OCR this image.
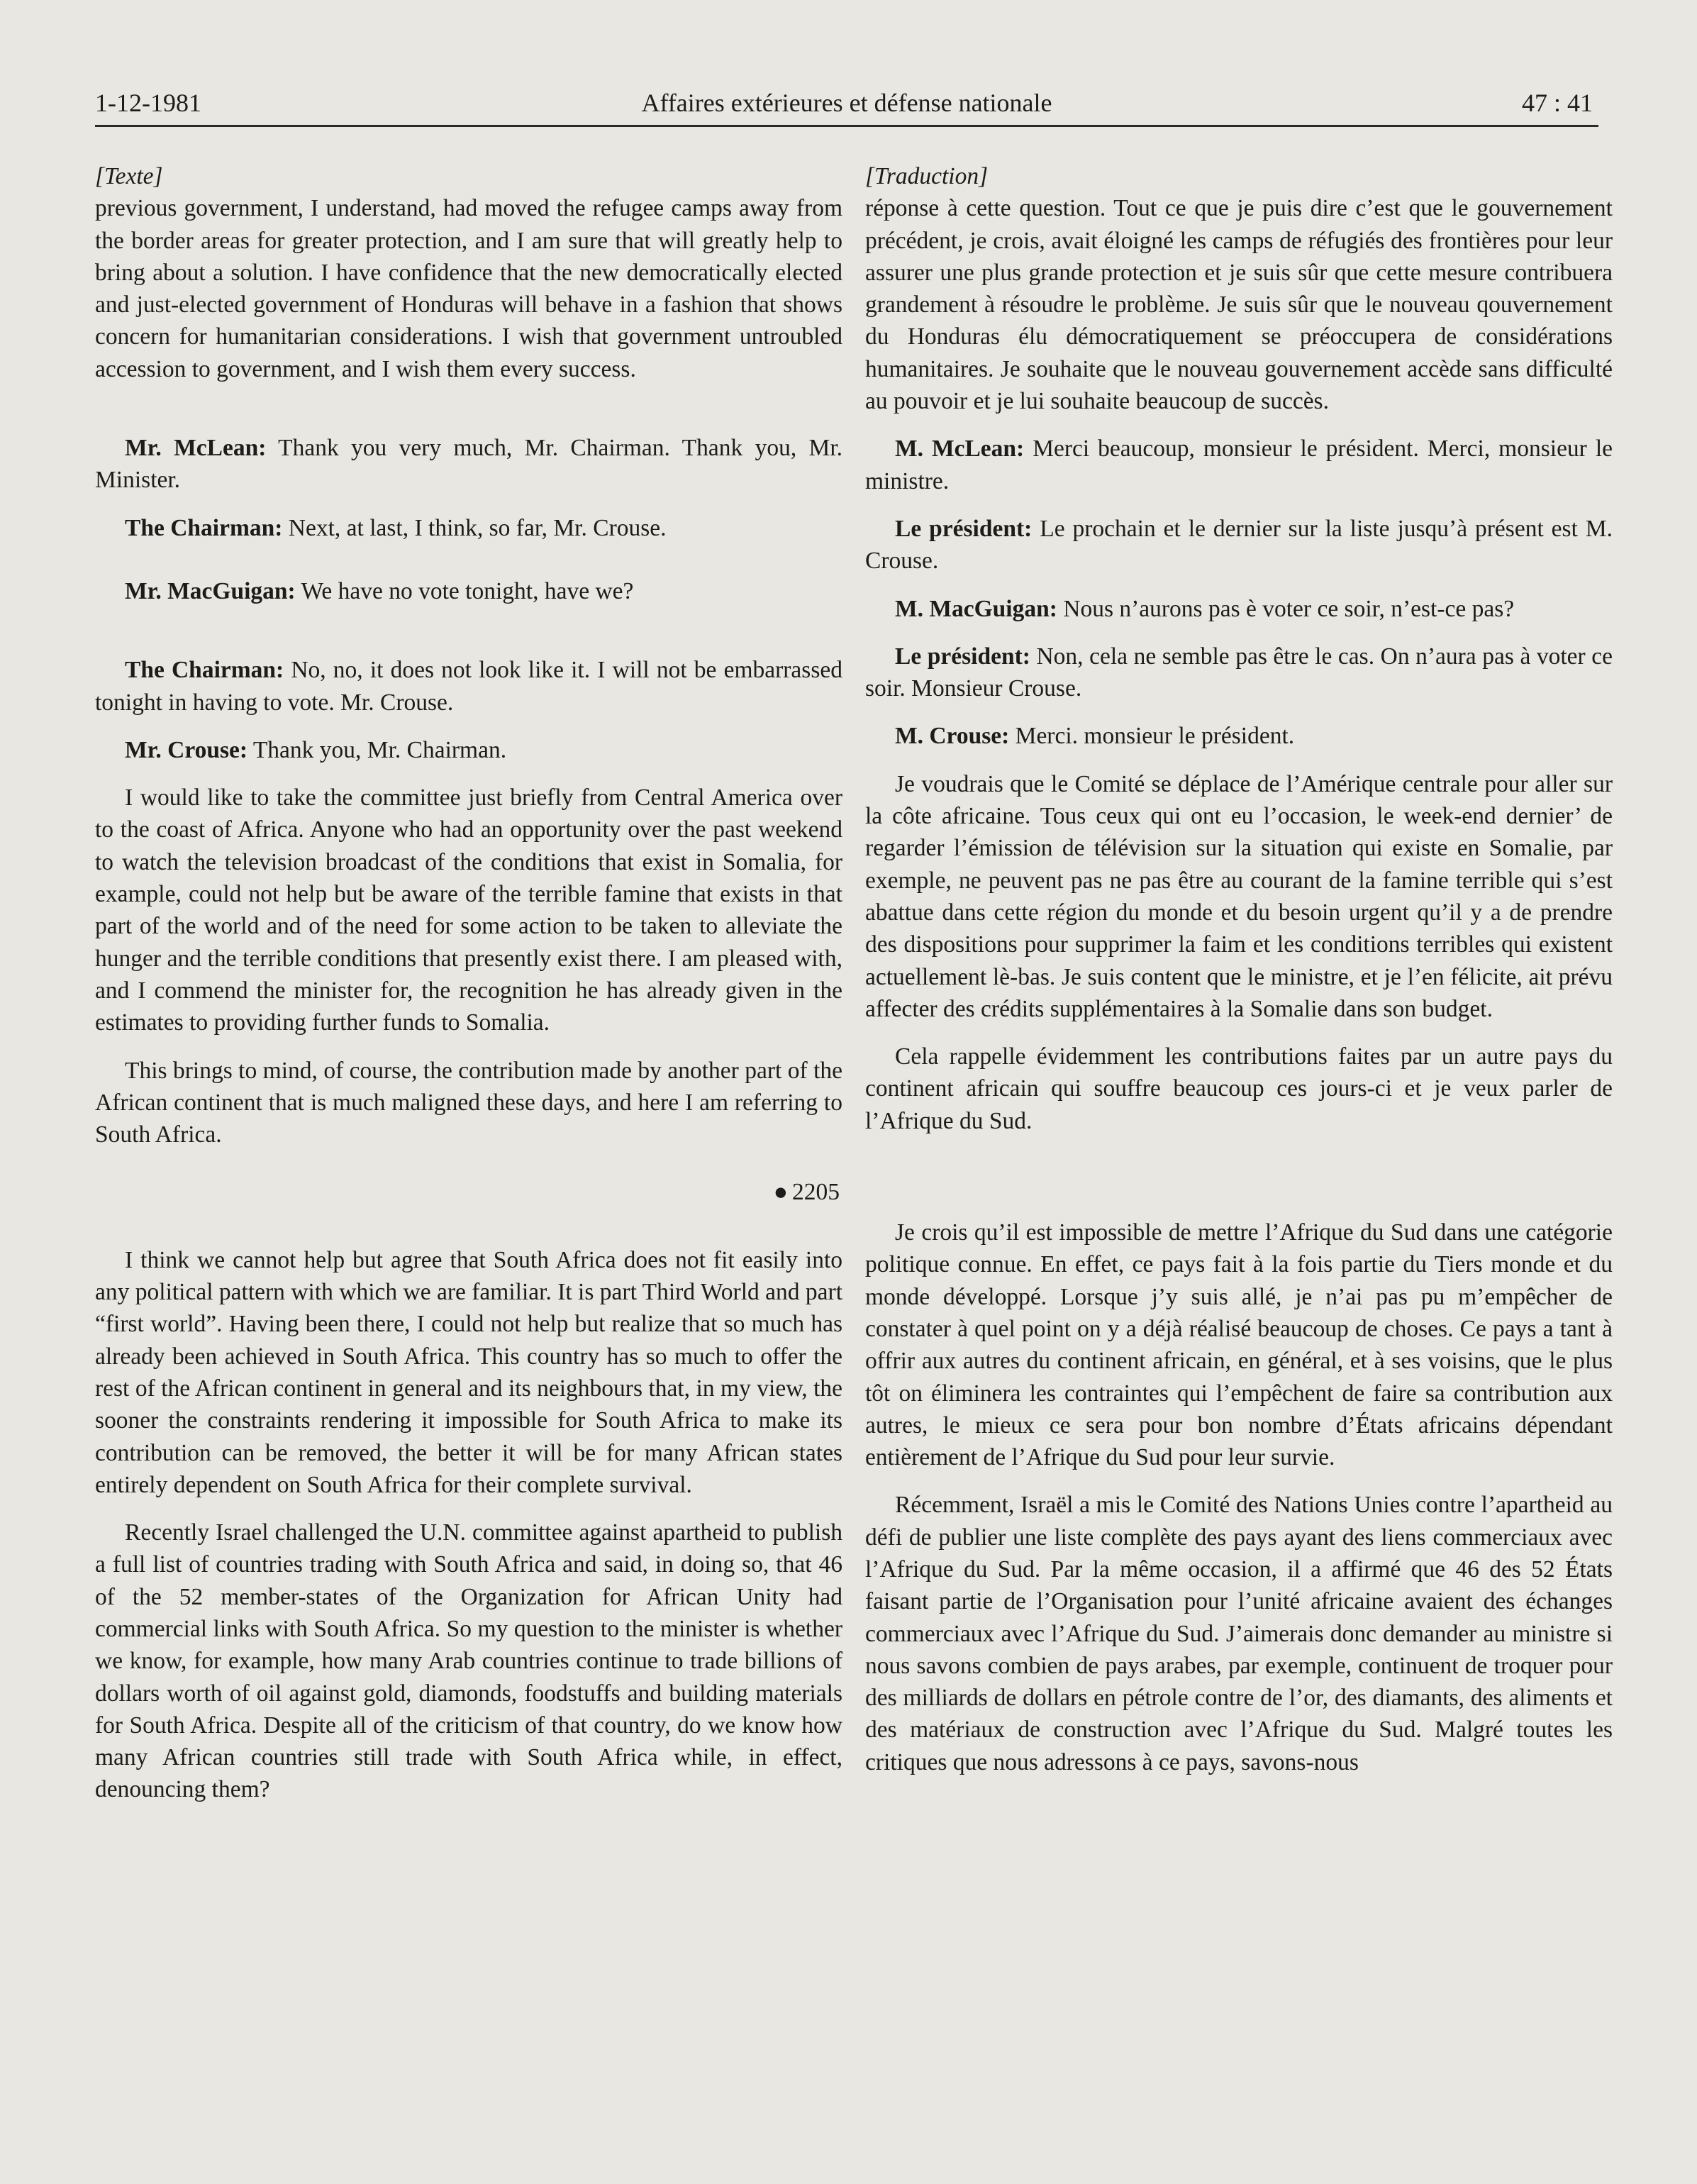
1-12-1981	Affaires extérieures et défense nationale	47 : 41

[Texte]

previous government, I understand, had moved the refugee camps away from the border areas for greater protection, and I am sure that will greatly help to bring about a solution. I have confidence that the new democratically elected and just-elected government of Honduras will behave in a fashion that shows concern for humanitarian considerations. I wish that government untroubled accession to government, and I wish them every success.

Mr. McLean: Thank you very much, Mr. Chairman. Thank you, Mr. Minister.

The Chairman: Next, at last, I think, so far, Mr. Crouse.

Mr. MacGuigan: We have no vote tonight, have we?

The Chairman: No, no, it does not look like it. I will not be embarrassed tonight in having to vote. Mr. Crouse.

Mr. Crouse: Thank you, Mr. Chairman.

I would like to take the committee just briefly from Central America over to the coast of Africa. Anyone who had an opportunity over the past weekend to watch the television broadcast of the conditions that exist in Somalia, for example, could not help but be aware of the terrible famine that exists in that part of the world and of the need for some action to be taken to alleviate the hunger and the terrible conditions that presently exist there. I am pleased with, and I commend the minister for, the recognition he has already given in the estimates to providing further funds to Somalia.

This brings to mind, of course, the contribution made by another part of the African continent that is much maligned these days, and here I am referring to South Africa.

● 2205

I think we cannot help but agree that South Africa does not fit easily into any political pattern with which we are familiar. It is part Third World and part “first world”. Having been there, I could not help but realize that so much has already been achieved in South Africa. This country has so much to offer the rest of the African continent in general and its neighbours that, in my view, the sooner the constraints rendering it impossible for South Africa to make its contribution can be removed, the better it will be for many African states entirely dependent on South Africa for their complete survival.

Recently Israel challenged the U.N. committee against apartheid to publish a full list of countries trading with South Africa and said, in doing so, that 46 of the 52 member-states of the Organization for African Unity had commercial links with South Africa. So my question to the minister is whether we know, for example, how many Arab countries continue to trade billions of dollars worth of oil against gold, diamonds, foodstuffs and building materials for South Africa. Despite all of the criticism of that country, do we know how many African countries still trade with South Africa while, in effect, denouncing them?

[Traduction]

réponse à cette question. Tout ce que je puis dire c’est que le gouvernement précédent, je crois, avait éloigné les camps de réfugiés des frontières pour leur assurer une plus grande protection et je suis sûr que cette mesure contribuera grandement à résoudre le problème. Je suis sûr que le nouveau qouvernement du Honduras élu démocratiquement se préoccupera de considérations humanitaires. Je souhaite que le nouveau gouvernement accède sans difficulté au pouvoir et je lui souhaite beaucoup de succès.

M. McLean: Merci beaucoup, monsieur le président. Merci, monsieur le ministre.

Le président: Le prochain et le dernier sur la liste jusqu’à présent est M. Crouse.

M. MacGuigan: Nous n’aurons pas è voter ce soir, n’est-ce pas?

Le président: Non, cela ne semble pas être le cas. On n’aura pas à voter ce soir. Monsieur Crouse.

M. Crouse: Merci. monsieur le président.

Je voudrais que le Comité se déplace de l’Amérique centrale pour aller sur la côte africaine. Tous ceux qui ont eu l’occasion, le week-end dernier’ de regarder l’émission de télévision sur la situation qui existe en Somalie, par exemple, ne peuvent pas ne pas être au courant de la famine terrible qui s’est abattue dans cette région du monde et du besoin urgent qu’il y a de prendre des dispositions pour supprimer la faim et les conditions terribles qui existent actuellement lè-bas. Je suis content que le ministre, et je l’en félicite, ait prévu affecter des crédits supplémentaires à la Somalie dans son budget.

Cela rappelle évidemment les contributions faites par un autre pays du continent africain qui souffre beaucoup ces jours-ci et je veux parler de l’Afrique du Sud.

Je crois qu’il est impossible de mettre l’Afrique du Sud dans une catégorie politique connue. En effet, ce pays fait à la fois partie du Tiers monde et du monde développé. Lorsque j’y suis allé, je n’ai pas pu m’empêcher de constater à quel point on y a déjà réalisé beaucoup de choses. Ce pays a tant à offrir aux autres du continent africain, en général, et à ses voisins, que le plus tôt on éliminera les contraintes qui l’empêchent de faire sa contribution aux autres, le mieux ce sera pour bon nombre d’États africains dépendant entièrement de l’Afrique du Sud pour leur survie.

Récemment, Israël a mis le Comité des Nations Unies contre l’apartheid au défi de publier une liste complète des pays ayant des liens commerciaux avec l’Afrique du Sud. Par la même occasion, il a affirmé que 46 des 52 États faisant partie de l’Organisation pour l’unité africaine avaient des échanges commerciaux avec l’Afrique du Sud. J’aimerais donc demander au ministre si nous savons combien de pays arabes, par exemple, continuent de troquer pour des milliards de dollars en pétrole contre de l’or, des diamants, des aliments et des matériaux de construction avec l’Afrique du Sud. Malgré toutes les critiques que nous adressons à ce pays, savons-nous
